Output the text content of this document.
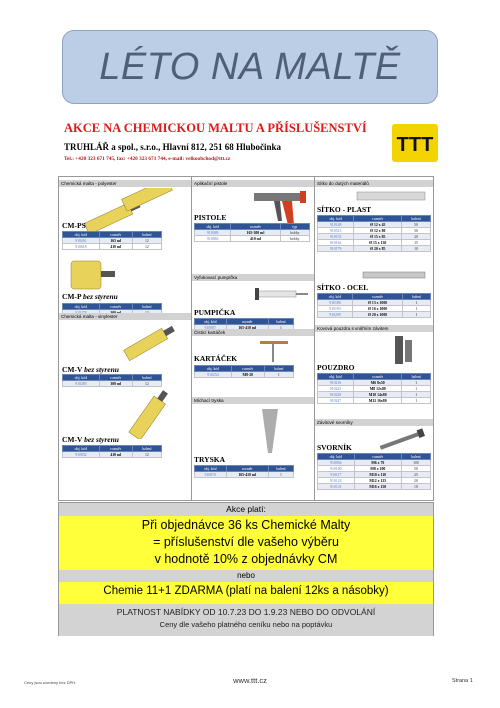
LÉTO NA MALTĚ
AKCE NA CHEMICKOU MALTU A PŘÍSLUŠENSTVÍ
TRUHLÁŘ a spol., s.r.o., Hlavní 812, 251 68 Hlubočinka
Tel.: +420 323 671 745, fax: +420 323 671 744, e-mail: velkoobchod@ttt.cz
TTT
Chemická malta - polyester
CM-PS
obj. kód	rozměr	balení
910261	165 ml	12
910618	410 ml	12
CM-P bez styrenu
obj. kód	rozměr	balení

Chemická malta - vinylester
CM-V bez styrenu
obj. kód	rozměr	balení
910285	300 ml	12
CM-V bez styrenu
obj. kód	rozměr	balení
910032	410 ml	12
Aplikační pistole
PISTOLE
obj. kód	rozměr	typ
910049	165-300 ml	hobby
910063	410 ml	hobby
Vyfukovací pumpička
PUMPIČKA
obj. kód	rozměr	balení
910087	165-410 ml	1
Čisticí kartáček
KARTÁČEK
obj. kód	rozměr	balení
910254	M8-20	1
Míchací tryska
TRYSKA
obj. kód	rozměr	balení
910070	165-410 ml	1
Sítko do dutých materiálů
SÍTKO - PLAST
obj. kód	rozměr	balení
910148	Ø 12 x 45	50
910513	Ø 12 x 80	50
910155	Ø 15 x 85	20
910162	Ø 15 x 130	15
910179	Ø 20 x 85	10
SÍTKO - OCEL
obj. kód	rozměr	balení
910186	Ø 13 x 1000	1
910193	Ø 16 x 1000	1
910209	Ø 20 x 1000	1
Kovová pouzdra s vnitřním závitem
POUZDRO
obj. kód	rozměr	balení
910216	M6 8x50	1
910223	M8 12x80	1
910230	M10 14x80	1
910247	M12 16x80	1
Závitové svorníky
SVORNÍK
obj. kód	rozměr	balení
910094	M6 x 70	100
910100	M8 x 100	50
910117	M10 x 110	25
910124	M12 x 125	20
910131	M16 x 150	10
Akce platí:
Při objednávce 36 ks Chemické Malty
= příslušenství dle vašeho výběru
v hodnotě 10% z objednávky CM
nebo
Chemie 11+1 ZDARMA (platí na balení 12ks a násobky)
PLATNOST NABÍDKY OD 10.7.23 DO 1.9.23 NEBO DO ODVOLÁNÍ
Ceny dle vašeho platného ceníku nebo na poptávku
Ceny jsou uvedeny bez DPH.	www.ttt.cz	Strana 1
